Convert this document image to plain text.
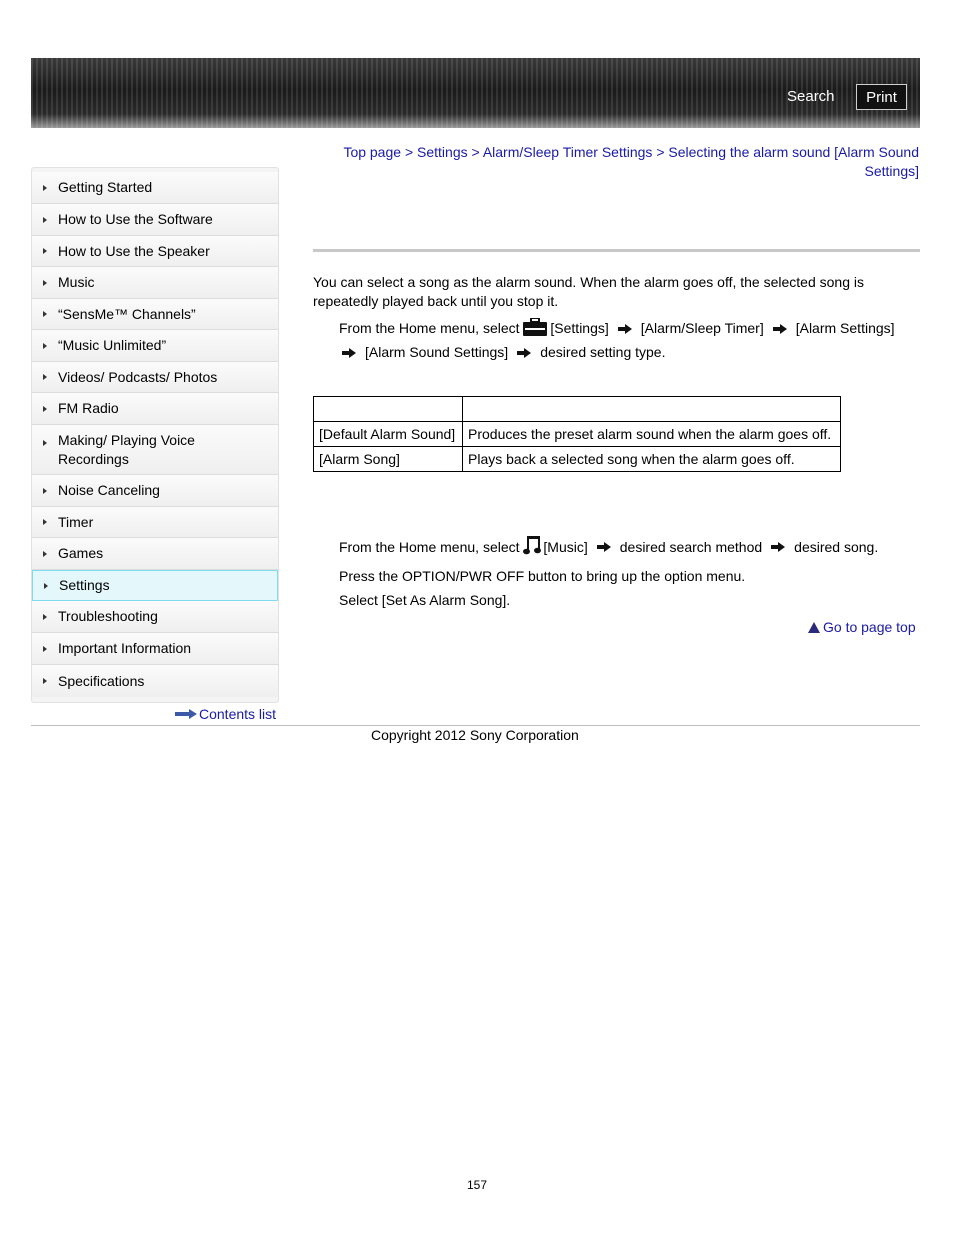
Search	Print
Getting Started
How to Use the Software
How to Use the Speaker
Music
“SensMe™ Channels”
“Music Unlimited”
Videos/ Podcasts/ Photos
FM Radio
Making/ Playing Voice Recordings
Noise Canceling
Timer
Games
Settings
Troubleshooting
Important Information
Specifications
Contents list
Top page > Settings > Alarm/Sleep Timer Settings > Selecting the alarm sound [Alarm Sound
Settings]
You can select a song as the alarm sound. When the alarm goes off, the selected song is repeatedly played back until you stop it.
From the Home menu, select
[Settings] [Alarm/Sleep Timer] [Alarm Settings]
[Alarm Sound Settings] desired setting type.

[Default Alarm Sound]	Produces the preset alarm sound when the alarm goes off.
[Alarm Song]	Plays back a selected song when the alarm goes off.
From the Home menu, select
[Music] desired search method desired song.
Press the OPTION/PWR OFF button to bring up the option menu.
Select [Set As Alarm Song].
Go to page top
Copyright 2012 Sony Corporation
157
